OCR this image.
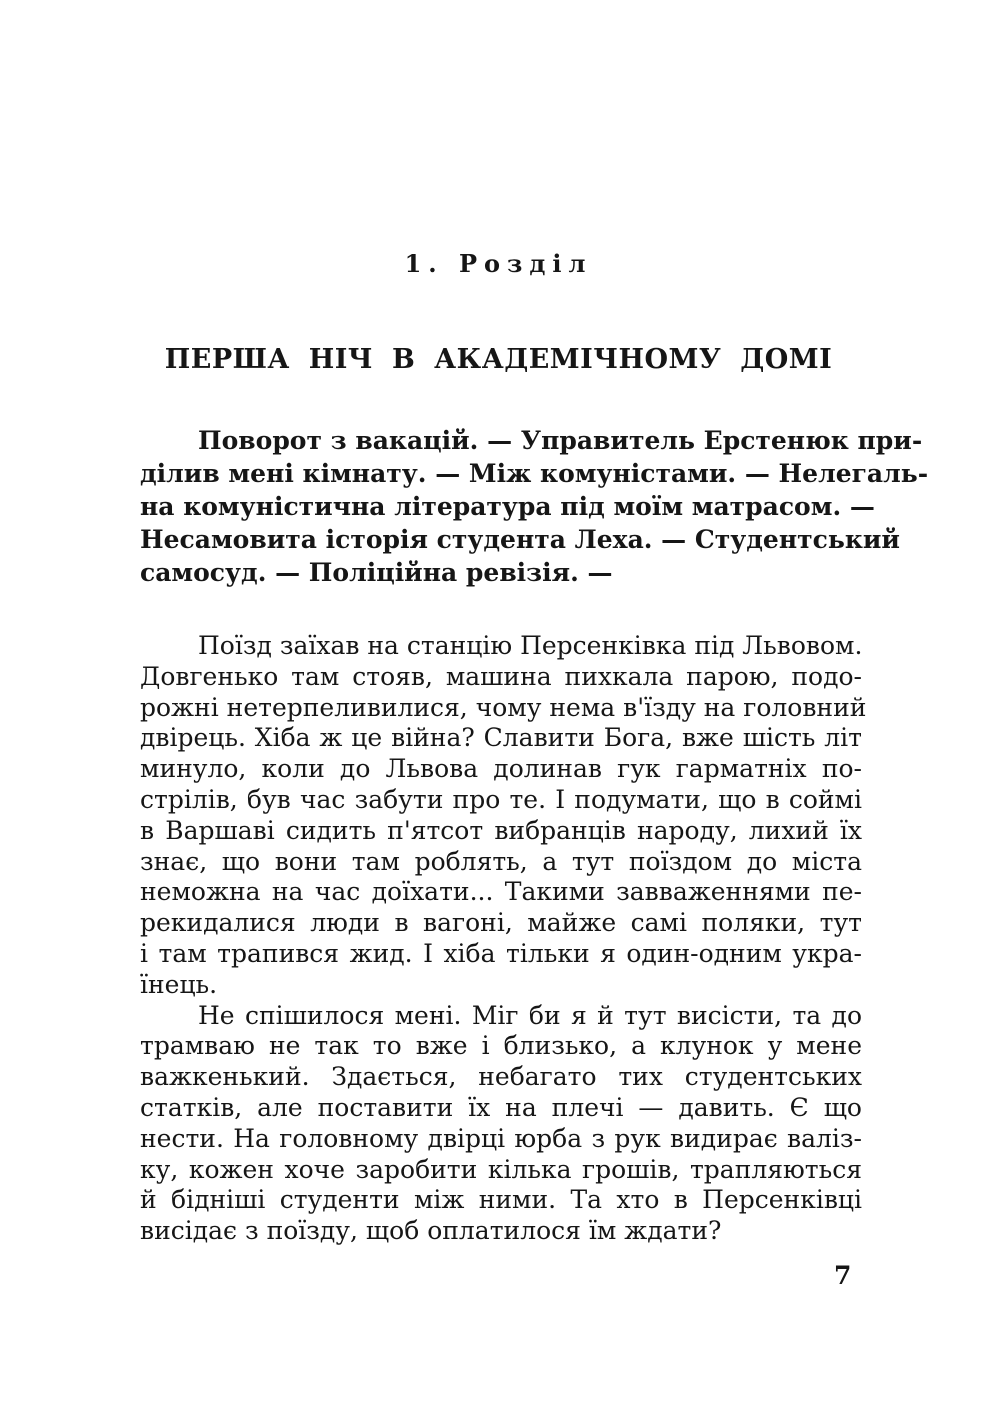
1. Розділ
ПЕРША НІЧ В АКАДЕМІЧНОМУ ДОМІ
Поворот з вакацій. — Управитель Ерстенюк при-
ділив мені кімнату. — Між комуністами. — Нелегаль-
на комуністична література під моїм матрасом. —
Несамовита історія студента Леха. — Студентський
самосуд. — Поліційна ревізія. —
Поїзд заїхав на станцію Персенківка під Львовом.
Довгенько там стояв, машина пихкала парою, подо-
рожні нетерпеливилися, чому нема в'їзду на головний
двірець. Хіба ж це війна? Славити Бога, вже шість літ
минуло, коли до Львова долинав гук гарматніх по-
стрілів, був час забути про те. І подумати, що в соймі
в Варшаві сидить п'ятсот вибранців народу, лихий їх
знає, що вони там роблять, а тут поїздом до міста
неможна на час доїхати... Такими завваженнями пе-
рекидалися люди в вагоні, майже самі поляки, тут
і там трапився жид. І хіба тільки я один-одним укра-
їнець.
Не спішилося мені. Міг би я й тут висісти, та до
трамваю не так то вже і близько, а клунок у мене
важкенький. Здається, небагато тих студентських
статків, але поставити їх на плечі — давить. Є що
нести. На головному двірці юрба з рук видирає валіз-
ку, кожен хоче заробити кілька грошів, трапляються
й бідніші студенти між ними. Та хто в Персенківці
висідає з поїзду, щоб оплатилося їм ждати?
7
